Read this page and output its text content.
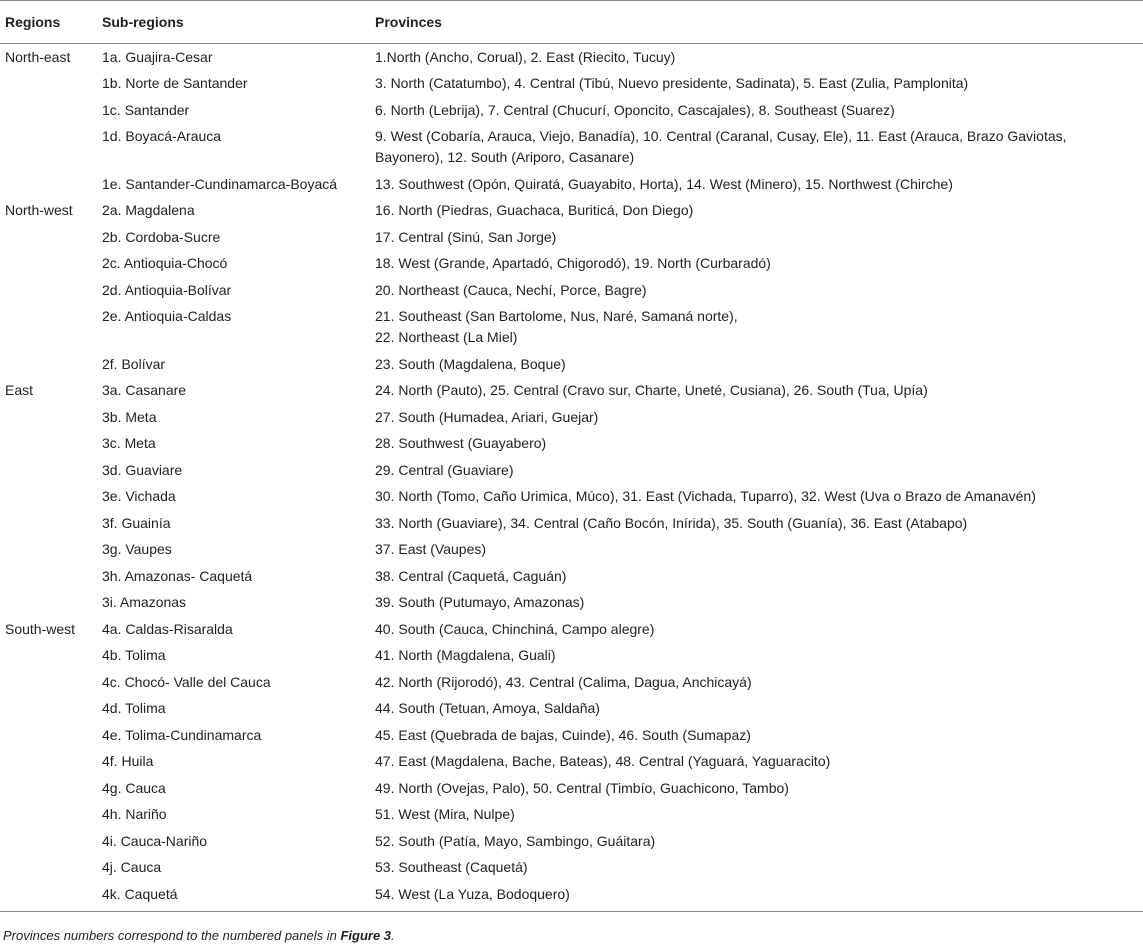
Regions	Sub-regions	Provinces
North-east	1a. Guajira-Cesar	1.North (Ancho, Corual), 2. East (Riecito, Tucuy)
	1b. Norte de Santander	3. North (Catatumbo), 4. Central (Tibú, Nuevo presidente, Sadinata), 5. East (Zulia, Pamplonita)
	1c. Santander	6. North (Lebrija), 7. Central (Chucurí, Oponcito, Cascajales), 8. Southeast (Suarez)
	1d. Boyacá-Arauca	9. West (Cobaría, Arauca, Viejo, Banadía), 10. Central (Caranal, Cusay, Ele), 11. East (Arauca, Brazo Gaviotas,
Bayonero), 12. South (Ariporo, Casanare)
	1e. Santander-Cundinamarca-Boyacá	13. Southwest (Opón, Quiratá, Guayabito, Horta), 14. West (Minero), 15. Northwest (Chirche)
North-west	2a. Magdalena	16. North (Piedras, Guachaca, Buriticá, Don Diego)
	2b. Cordoba-Sucre	17. Central (Sinú, San Jorge)
	2c. Antioquia-Chocó	18. West (Grande, Apartadó, Chigorodó), 19. North (Curbaradó)
	2d. Antioquia-Bolívar	20. Northeast (Cauca, Nechí, Porce, Bagre)
	2e. Antioquia-Caldas	21. Southeast (San Bartolome, Nus, Naré, Samaná norte),
22. Northeast (La Miel)
	2f. Bolívar	23. South (Magdalena, Boque)
East	3a. Casanare	24. North (Pauto), 25. Central (Cravo sur, Charte, Uneté, Cusiana), 26. South (Tua, Upía)
	3b. Meta	27. South (Humadea, Ariari, Guejar)
	3c. Meta	28. Southwest (Guayabero)
	3d. Guaviare	29. Central (Guaviare)
	3e. Vichada	30. North (Tomo, Caño Urimica, Múco), 31. East (Vichada, Tuparro), 32. West (Uva o Brazo de Amanavén)
	3f. Guainía	33. North (Guaviare), 34. Central (Caño Bocón, Inírida), 35. South (Guanía), 36. East (Atabapo)
	3g. Vaupes	37. East (Vaupes)
	3h. Amazonas- Caquetá	38. Central (Caquetá, Caguán)
	3i. Amazonas	39. South (Putumayo, Amazonas)
South-west	4a. Caldas-Risaralda	40. South (Cauca, Chinchiná, Campo alegre)
	4b. Tolima	41. North (Magdalena, Guali)
	4c. Chocó- Valle del Cauca	42. North (Rijorodó), 43. Central (Calima, Dagua, Anchicayá)
	4d. Tolima	44. South (Tetuan, Amoya, Saldaña)
	4e. Tolima-Cundinamarca	45. East (Quebrada de bajas, Cuinde), 46. South (Sumapaz)
	4f. Huila	47. East (Magdalena, Bache, Bateas), 48. Central (Yaguará, Yaguaracito)
	4g. Cauca	49. North (Ovejas, Palo), 50. Central (Timbío, Guachicono, Tambo)
	4h. Nariño	51. West (Mira, Nulpe)
	4i. Cauca-Nariño	52. South (Patía, Mayo, Sambingo, Guáitara)
	4j. Cauca	53. Southeast (Caquetá)
	4k. Caquetá	54. West (La Yuza, Bodoquero)
Provinces numbers correspond to the numbered panels in Figure 3.
